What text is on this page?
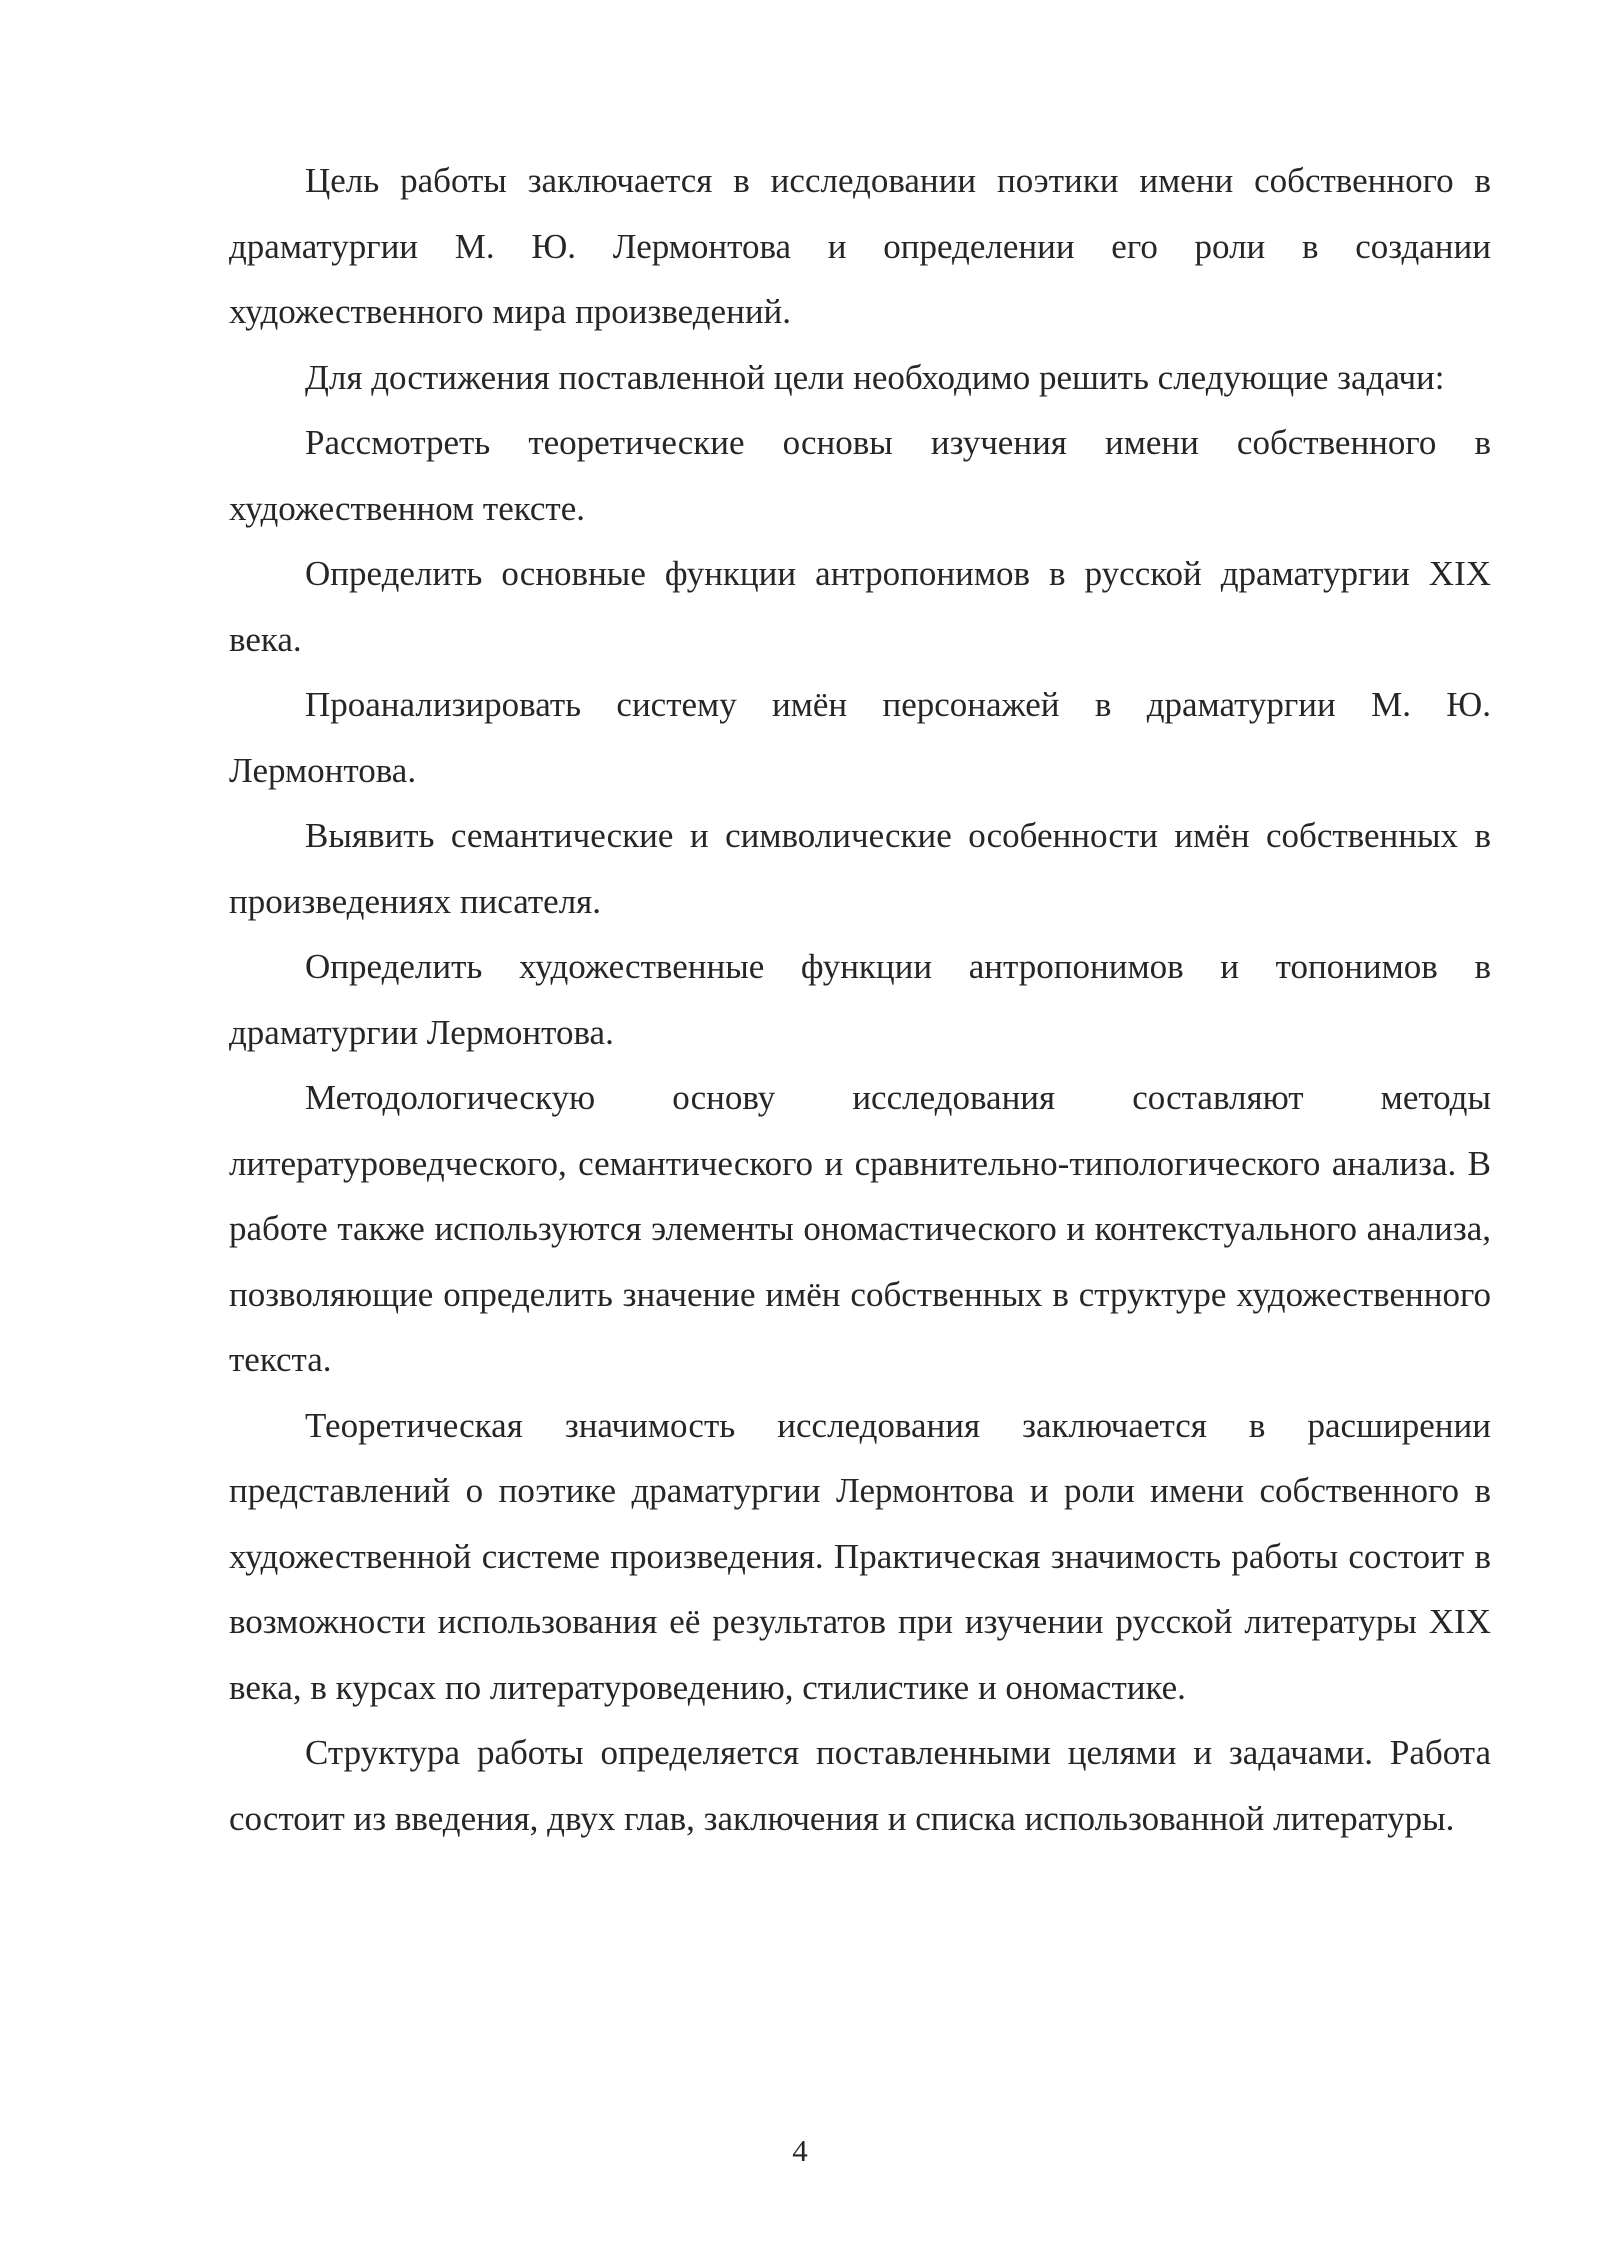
Цель работы заключается в исследовании поэтики имени собственного в драматургии М. Ю. Лермонтова и определении его роли в создании художественного мира произведений.

Для достижения поставленной цели необходимо решить следующие задачи:

Рассмотреть теоретические основы изучения имени собственного в художественном тексте.

Определить основные функции антропонимов в русской драматургии XIX века.

Проанализировать систему имён персонажей в драматургии М. Ю. Лермонтова.

Выявить семантические и символические особенности имён собственных в произведениях писателя.

Определить художественные функции антропонимов и топонимов в драматургии Лермонтова.

Методологическую основу исследования составляют методы литературоведческого, семантического и сравнительно-типологического анализа. В работе также используются элементы ономастического и контекстуального анализа, позволяющие определить значение имён собственных в структуре художественного текста.

Теоретическая значимость исследования заключается в расширении представлений о поэтике драматургии Лермонтова и роли имени собственного в художественной системе произведения. Практическая значимость работы состоит в возможности использования её результатов при изучении русской литературы XIX века, в курсах по литературоведению, стилистике и ономастике.

Структура работы определяется поставленными целями и задачами. Работа состоит из введения, двух глав, заключения и списка использованной литературы.

4
